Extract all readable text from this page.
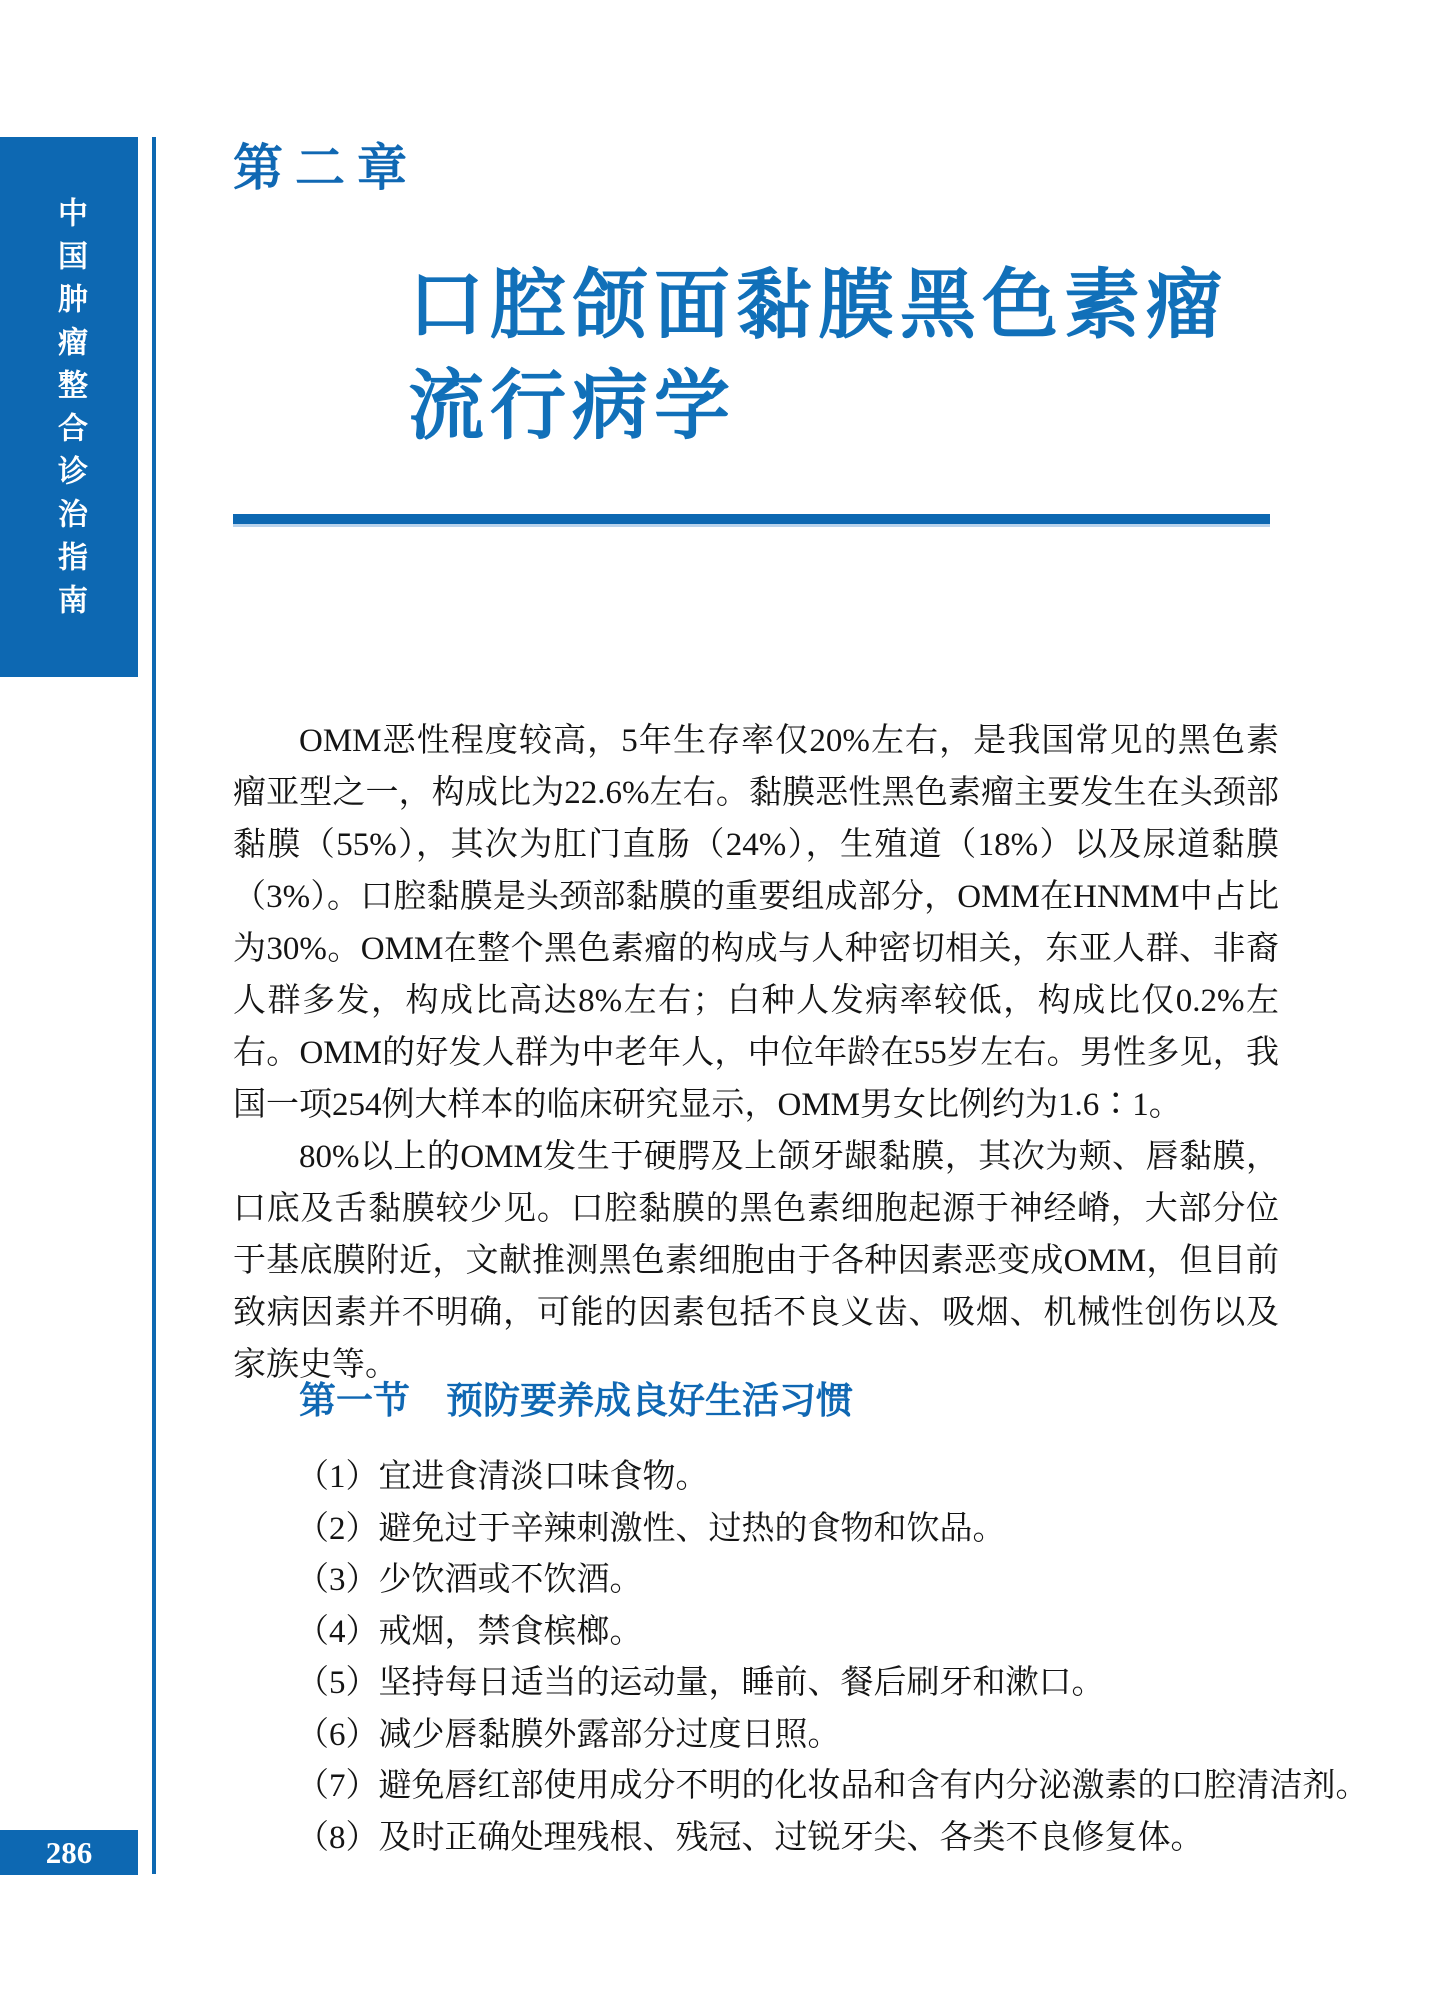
中国肿瘤整合诊治指南
286
第二章
口腔颌面黏膜黑色素瘤
流行病学

OMM恶性程度较高，5年生存率仅20%左右，是我国常见的黑色素瘤亚型之一，构成比为22.6%左右。黏膜恶性黑色素瘤主要发生在头颈部黏膜（55%），其次为肛门直肠（24%），生殖道（18%）以及尿道黏膜（3%）。口腔黏膜是头颈部黏膜的重要组成部分，OMM在HNMM中占比为30%。OMM在整个黑色素瘤的构成与人种密切相关，东亚人群、非裔人群多发，构成比高达8%左右；白种人发病率较低，构成比仅0.2%左右。OMM的好发人群为中老年人，中位年龄在55岁左右。男性多见，我国一项254例大样本的临床研究显示，OMM男女比例约为1.6∶1。

80%以上的OMM发生于硬腭及上颌牙龈黏膜，其次为颊、唇黏膜，口底及舌黏膜较少见。口腔黏膜的黑色素细胞起源于神经嵴，大部分位于基底膜附近，文献推测黑色素细胞由于各种因素恶变成OMM，但目前致病因素并不明确，可能的因素包括不良义齿、吸烟、机械性创伤以及家族史等。

第一节 预防要养成良好生活习惯
（1）宜进食清淡口味食物。
（2）避免过于辛辣刺激性、过热的食物和饮品。
（3）少饮酒或不饮酒。
（4）戒烟，禁食槟榔。
（5）坚持每日适当的运动量，睡前、餐后刷牙和漱口。
（6）减少唇黏膜外露部分过度日照。
（7）避免唇红部使用成分不明的化妆品和含有内分泌激素的口腔清洁剂。
（8）及时正确处理残根、残冠、过锐牙尖、各类不良修复体。
